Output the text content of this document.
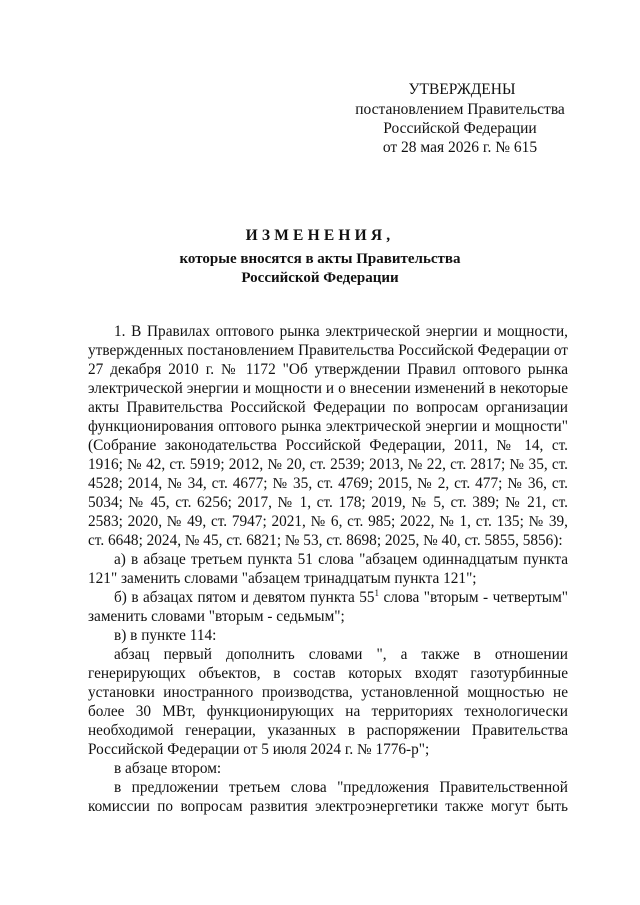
УТВЕРЖДЕНЫ
постановлением Правительства
Российской Федерации
от 28 мая 2026 г. № 615
ИЗМЕНЕНИЯ,
которые вносятся в акты Правительства
Российской Федерации

1. В Правилах оптового рынка электрической энергии и мощности, утвержденных постановлением Правительства Российской Федерации от 27 декабря 2010 г. № 1172 "Об утверждении Правил оптового рынка электрической энергии и мощности и о внесении изменений в некоторые акты Правительства Российской Федерации по вопросам организации функционирования оптового рынка электрической энергии и мощности" (Собрание законодательства Российской Федерации, 2011, № 14, ст. 1916; № 42, ст. 5919; 2012, № 20, ст. 2539; 2013, № 22, ст. 2817; № 35, ст. 4528; 2014, № 34, ст. 4677; № 35, ст. 4769; 2015, № 2, ст. 477; № 36, ст. 5034; № 45, ст. 6256; 2017, № 1, ст. 178; 2019, № 5, ст. 389; № 21, ст. 2583; 2020, № 49, ст. 7947; 2021, № 6, ст. 985; 2022, № 1, ст. 135; № 39, ст. 6648; 2024, № 45, ст. 6821; № 53, ст. 8698; 2025, № 40, ст. 5855, 5856):

а) в абзаце третьем пункта 51 слова "абзацем одиннадцатым пункта 121" заменить словами "абзацем тринадцатым пункта 121";

б) в абзацах пятом и девятом пункта $55^1$ слова "вторым - четвертым" заменить словами "вторым - седьмым";

в) в пункте 114:

абзац первый дополнить словами ", а также в отношении генерирующих объектов, в состав которых входят газотурбинные установки иностранного производства, установленной мощностью не более 30 МВт, функционирующих на территориях технологически необходимой генерации, указанных в распоряжении Правительства Российской Федерации от 5 июля 2024 г. № 1776-р";

в абзаце втором:

в предложении третьем слова "предложения Правительственной комиссии по вопросам развития электроэнергетики также могут быть
